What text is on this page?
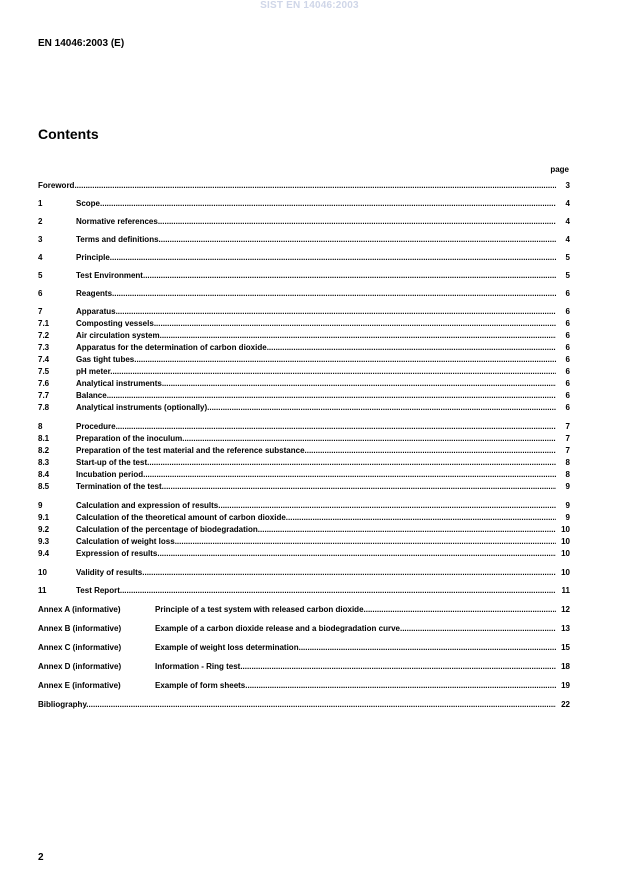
SIST EN 14046:2003
EN 14046:2003 (E)
Contents
page
Foreword .....	3
1	Scope .....	4
2	Normative references .....	4
3	Terms and definitions .....	4
4	Principle .....	5
5	Test Environment .....	5
6	Reagents .....	6
7	Apparatus .....	6
7.1	Composting vessels .....	6
7.2	Air circulation system .....	6
7.3	Apparatus for the determination of carbon dioxide .....	6
7.4	Gas tight tubes .....	6
7.5	pH meter .....	6
7.6	Analytical instruments .....	6
7.7	Balance .....	6
7.8	Analytical instruments (optionally) .....	6
8	Procedure .....	7
8.1	Preparation of the inoculum .....	7
8.2	Preparation of the test material and the reference substance .....	7
8.3	Start-up of the test .....	8
8.4	Incubation period .....	8
8.5	Termination of the test .....	9
9	Calculation and expression of results .....	9
9.1	Calculation of the theoretical amount of carbon dioxide .....	9
9.2	Calculation of the percentage of biodegradation .....	10
9.3	Calculation of weight loss .....	10
9.4	Expression of results .....	10
10	Validity of results .....	10
11	Test Report .....	11
Annex A (informative)	Principle of a test system with released carbon dioxide .....	12
Annex B (informative)	Example of a carbon dioxide release and a biodegradation curve .....	13
Annex C (informative)	Example of weight loss determination .....	15
Annex D (informative)	Information - Ring test .....	18
Annex E (informative)	Example of form sheets .....	19
Bibliography .....	22
2
